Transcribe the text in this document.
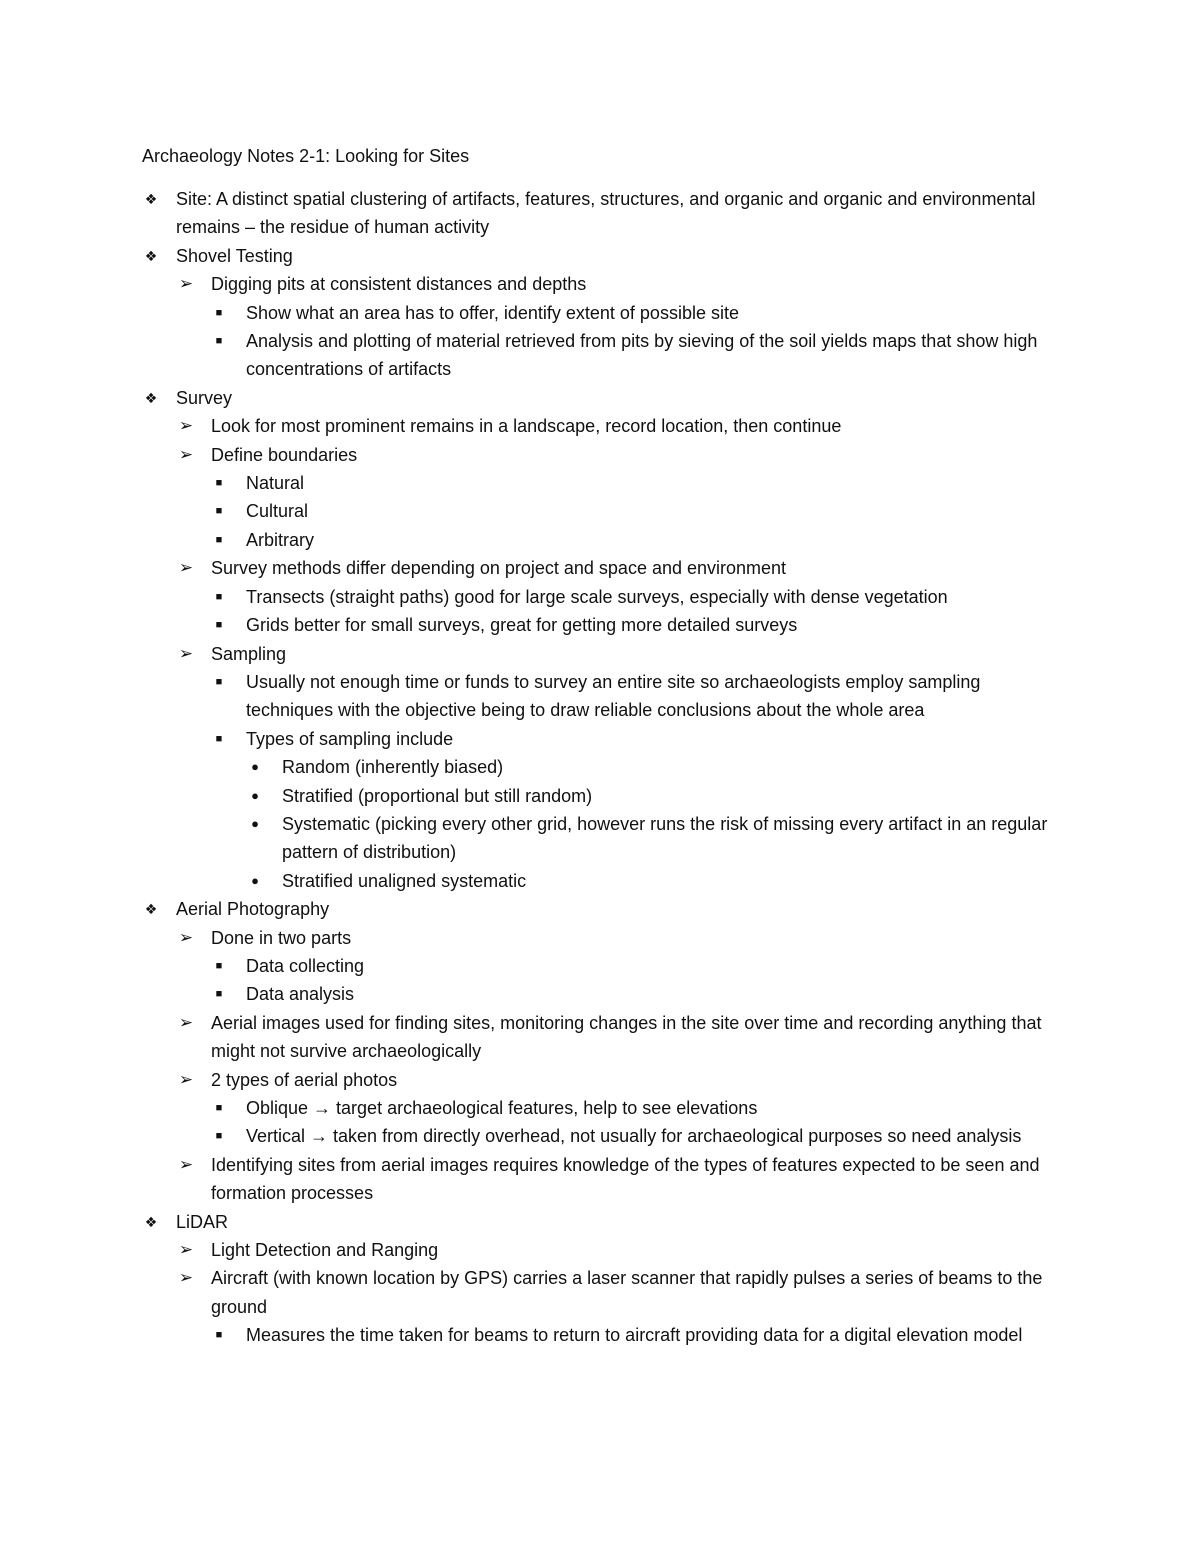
Archaeology Notes 2-1: Looking for Sites
❖ Site: A distinct spatial clustering of artifacts, features, structures, and organic and organic and environmental remains – the residue of human activity
❖ Shovel Testing
➢ Digging pits at consistent distances and depths
■	Show what an area has to offer, identify extent of possible site
■	Analysis and plotting of material retrieved from pits by sieving of the soil yields maps that show high concentrations of artifacts
❖ Survey
➢ Look for most prominent remains in a landscape, record location, then continue
➢ Define boundaries
■	Natural
■	Cultural
■	Arbitrary
➢ Survey methods differ depending on project and space and environment
■	Transects (straight paths) good for large scale surveys, especially with dense vegetation
■	Grids better for small surveys, great for getting more detailed surveys
➢ Sampling
■	Usually not enough time or funds to survey an entire site so archaeologists employ sampling techniques with the objective being to draw reliable conclusions about the whole area
■	Types of sampling include
●	Random (inherently biased)
●	Stratified (proportional but still random)
●	Systematic (picking every other grid, however runs the risk of missing every artifact in an regular pattern of distribution)
●	Stratified unaligned systematic
❖ Aerial Photography
➢ Done in two parts
■	Data collecting
■	Data analysis
➢ Aerial images used for finding sites, monitoring changes in the site over time and recording anything that might not survive archaeologically
➢ 2 types of aerial photos
■	Oblique → target archaeological features, help to see elevations
■	Vertical → taken from directly overhead, not usually for archaeological purposes so need analysis
➢ Identifying sites from aerial images requires knowledge of the types of features expected to be seen and formation processes
❖ LiDAR
➢ Light Detection and Ranging
➢ Aircraft (with known location by GPS) carries a laser scanner that rapidly pulses a series of beams to the ground
■	Measures the time taken for beams to return to aircraft providing data for a digital elevation model
